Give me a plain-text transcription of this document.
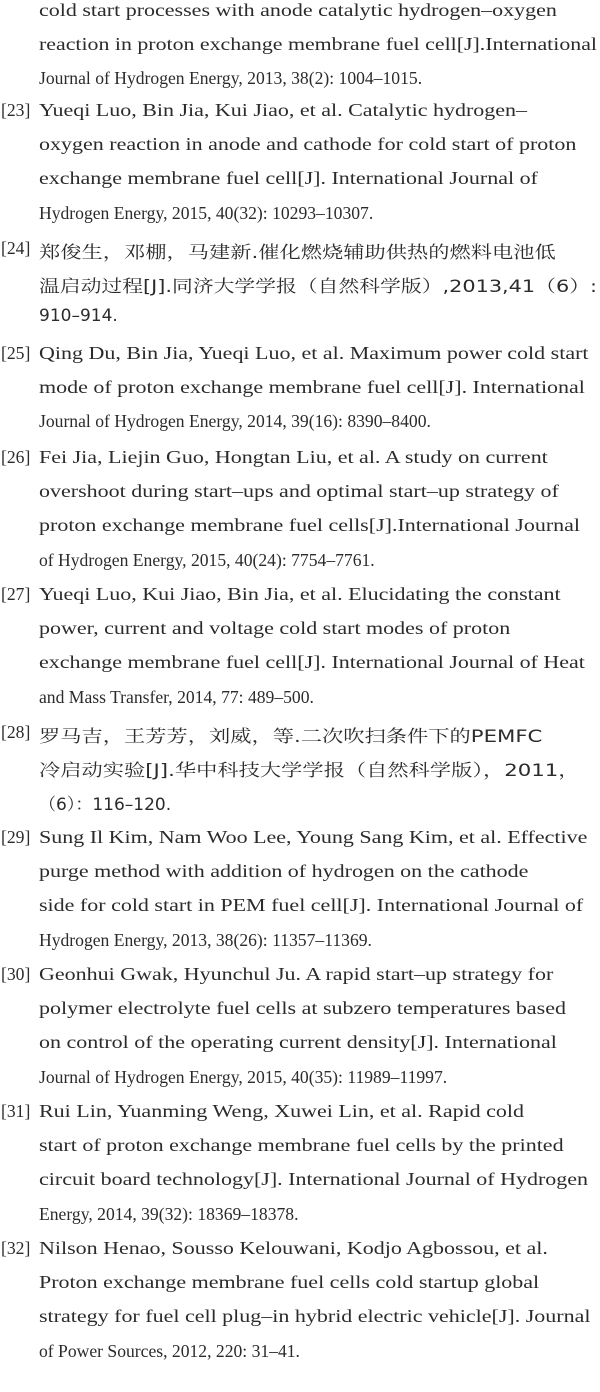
cold start processes with anode catalytic hydrogen–oxygen
reaction in proton exchange membrane fuel cell[J].International
Journal of Hydrogen Energy, 2013, 38(2): 1004–1015.
[23] Yueqi Luo, Bin Jia, Kui Jiao, et al. Catalytic hydrogen–
oxygen reaction in anode and cathode for cold start of proton
exchange membrane fuel cell[J]. International Journal of
Hydrogen Energy, 2015, 40(32): 10293–10307.
[24] 郑俊生，邓棚，马建新.催化燃烧辅助供热的燃料电池低
温启动过程[J].同济大学学报（自然科学版）,2013,41（6）:
910–914.
[25] Qing Du, Bin Jia, Yueqi Luo, et al. Maximum power cold start
mode of proton exchange membrane fuel cell[J]. International
Journal of Hydrogen Energy, 2014, 39(16): 8390–8400.
[26] Fei Jia, Liejin Guo, Hongtan Liu, et al. A study on current
overshoot during start–ups and optimal start–up strategy of
proton exchange membrane fuel cells[J].International Journal
of Hydrogen Energy, 2015, 40(24): 7754–7761.
[27] Yueqi Luo, Kui Jiao, Bin Jia, et al. Elucidating the constant
power, current and voltage cold start modes of proton
exchange membrane fuel cell[J]. International Journal of Heat
and Mass Transfer, 2014, 77: 489–500.
[28] 罗马吉，王芳芳，刘威，等.二次吹扫条件下的PEMFC
冷启动实验[J].华中科技大学学报（自然科学版），2011，
（6）：116–120.
[29] Sung Il Kim, Nam Woo Lee, Young Sang Kim, et al. Effective
purge method with addition of hydrogen on the cathode
side for cold start in PEM fuel cell[J]. International Journal of
Hydrogen Energy, 2013, 38(26): 11357–11369.
[30] Geonhui Gwak, Hyunchul Ju. A rapid start–up strategy for
polymer electrolyte fuel cells at subzero temperatures based
on control of the operating current density[J]. International
Journal of Hydrogen Energy, 2015, 40(35): 11989–11997.
[31] Rui Lin, Yuanming Weng, Xuwei Lin, et al. Rapid cold
start of proton exchange membrane fuel cells by the printed
circuit board technology[J]. International Journal of Hydrogen
Energy, 2014, 39(32): 18369–18378.
[32] Nilson Henao, Sousso Kelouwani, Kodjo Agbossou, et al.
Proton exchange membrane fuel cells cold startup global
strategy for fuel cell plug–in hybrid electric vehicle[J]. Journal
of Power Sources, 2012, 220: 31–41.
